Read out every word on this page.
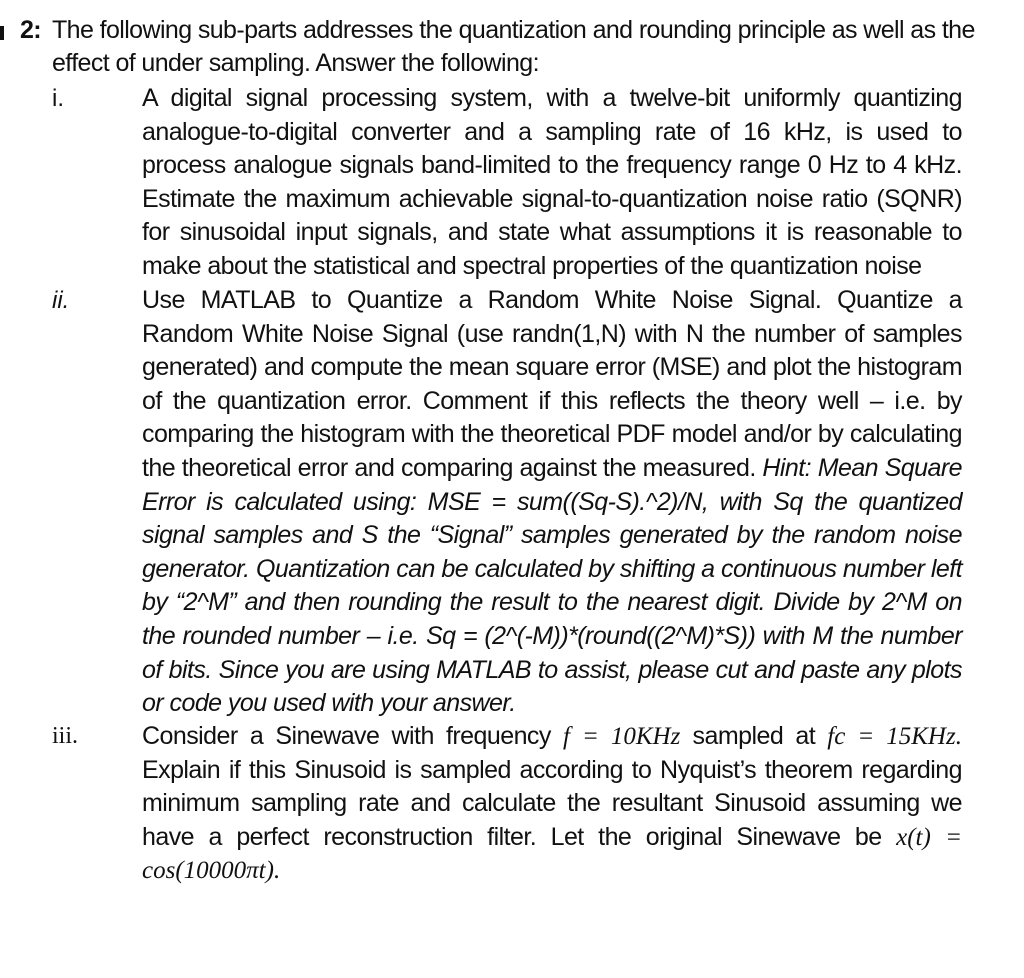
2: The following sub-parts addresses the quantization and rounding principle as well as the effect of under sampling. Answer the following:
i.	A digital signal processing system, with a twelve-bit uniformly quantizing analogue-to-digital converter and a sampling rate of 16 kHz, is used to process analogue signals band-limited to the frequency range 0 Hz to 4 kHz. Estimate the maximum achievable signal-to-quantization noise ratio (SQNR) for sinusoidal input signals, and state what assumptions it is reasonable to make about the statistical and spectral properties of the quantization noise
ii.	Use MATLAB to Quantize a Random White Noise Signal. Quantize a Random White Noise Signal (use randn(1,N) with N the number of samples generated) and compute the mean square error (MSE) and plot the histogram of the quantization error. Comment if this reflects the theory well – i.e. by comparing the histogram with the theoretical PDF model and/or by calculating the theoretical error and comparing against the measured. Hint: Mean Square Error is calculated using: MSE = sum((Sq-S).^2)/N, with Sq the quantized signal samples and S the “Signal” samples generated by the random noise generator. Quantization can be calculated by shifting a continuous number left by “2^M” and then rounding the result to the nearest digit. Divide by 2^M on the rounded number – i.e. Sq = (2^(-M))*(round((2^M)*S)) with M the number of bits. Since you are using MATLAB to assist, please cut and paste any plots or code you used with your answer.
iii.	Consider a Sinewave with frequency f = 10KHz sampled at fc = 15KHz. Explain if this Sinusoid is sampled according to Nyquist’s theorem regarding minimum sampling rate and calculate the resultant Sinusoid assuming we have a perfect reconstruction filter. Let the original Sinewave be x(t) = cos(10000πt).
